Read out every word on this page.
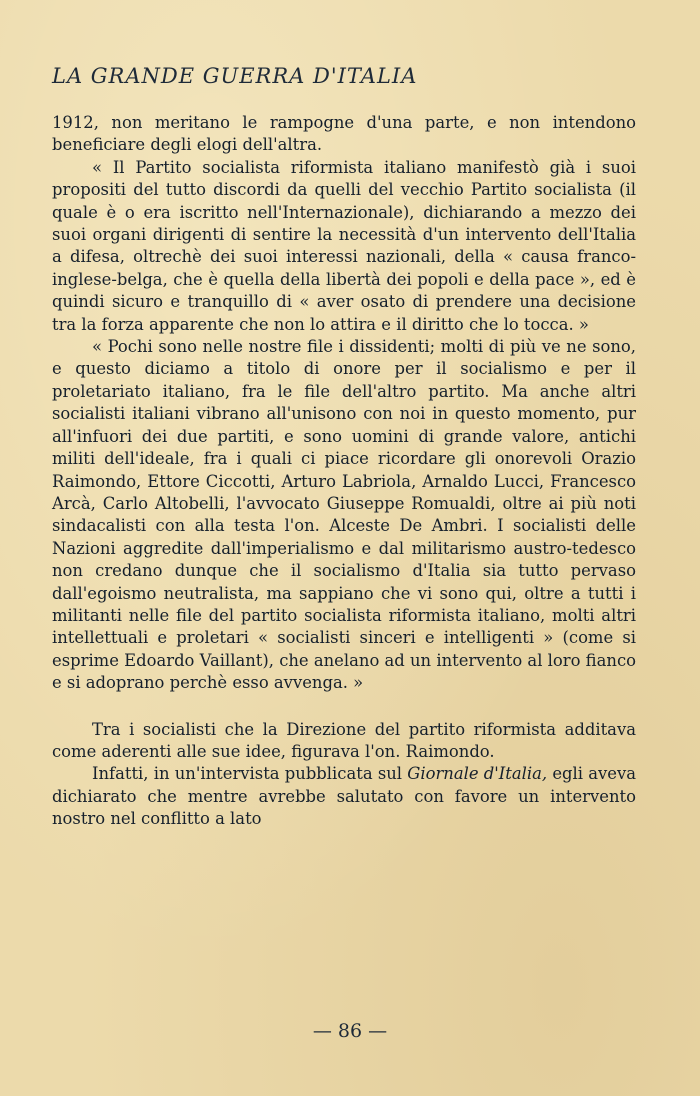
LA GRANDE GUERRA D'ITALIA

1912, non meritano le rampogne d'una parte, e non intendono beneficiare degli elogi dell'altra.

« Il Partito socialista riformista italiano manifestò già i suoi propositi del tutto discordi da quelli del vecchio Partito socialista (il quale è o era iscritto nell'Internazionale), dichiarando a mezzo dei suoi organi dirigenti di sentire la necessità d'un intervento dell'Italia a difesa, oltrechè dei suoi interessi nazionali, della « causa franco-inglese-belga, che è quella della libertà dei popoli e della pace », ed è quindi sicuro e tranquillo di « aver osato di prendere una decisione tra la forza apparente che non lo attira e il diritto che lo tocca. »

« Pochi sono nelle nostre file i dissidenti; molti di più ve ne sono, e questo diciamo a titolo di onore per il socialismo e per il proletariato italiano, fra le file dell'altro partito. Ma anche altri socialisti italiani vibrano all'unisono con noi in questo momento, pur all'infuori dei due partiti, e sono uomini di grande valore, antichi militi dell'ideale, fra i quali ci piace ricordare gli onorevoli Orazio Raimondo, Ettore Ciccotti, Arturo Labriola, Arnaldo Lucci, Francesco Arcà, Carlo Altobelli, l'avvocato Giuseppe Romualdi, oltre ai più noti sindacalisti con alla testa l'on. Alceste De Ambri. I socialisti delle Nazioni aggredite dall'imperialismo e dal militarismo austro-tedesco non credano dunque che il socialismo d'Italia sia tutto pervaso dall'egoismo neutralista, ma sappiano che vi sono qui, oltre a tutti i militanti nelle file del partito socialista riformista italiano, molti altri intellettuali e proletari « socialisti sinceri e intelligenti » (come si esprime Edoardo Vaillant), che anelano ad un intervento al loro fianco e si adoprano perchè esso avvenga. »

Tra i socialisti che la Direzione del partito riformista additava come aderenti alle sue idee, figurava l'on. Raimondo.

Infatti, in un'intervista pubblicata sul Giornale d'Italia, egli aveva dichiarato che mentre avrebbe salutato con favore un intervento nostro nel conflitto a lato

— 86 —
